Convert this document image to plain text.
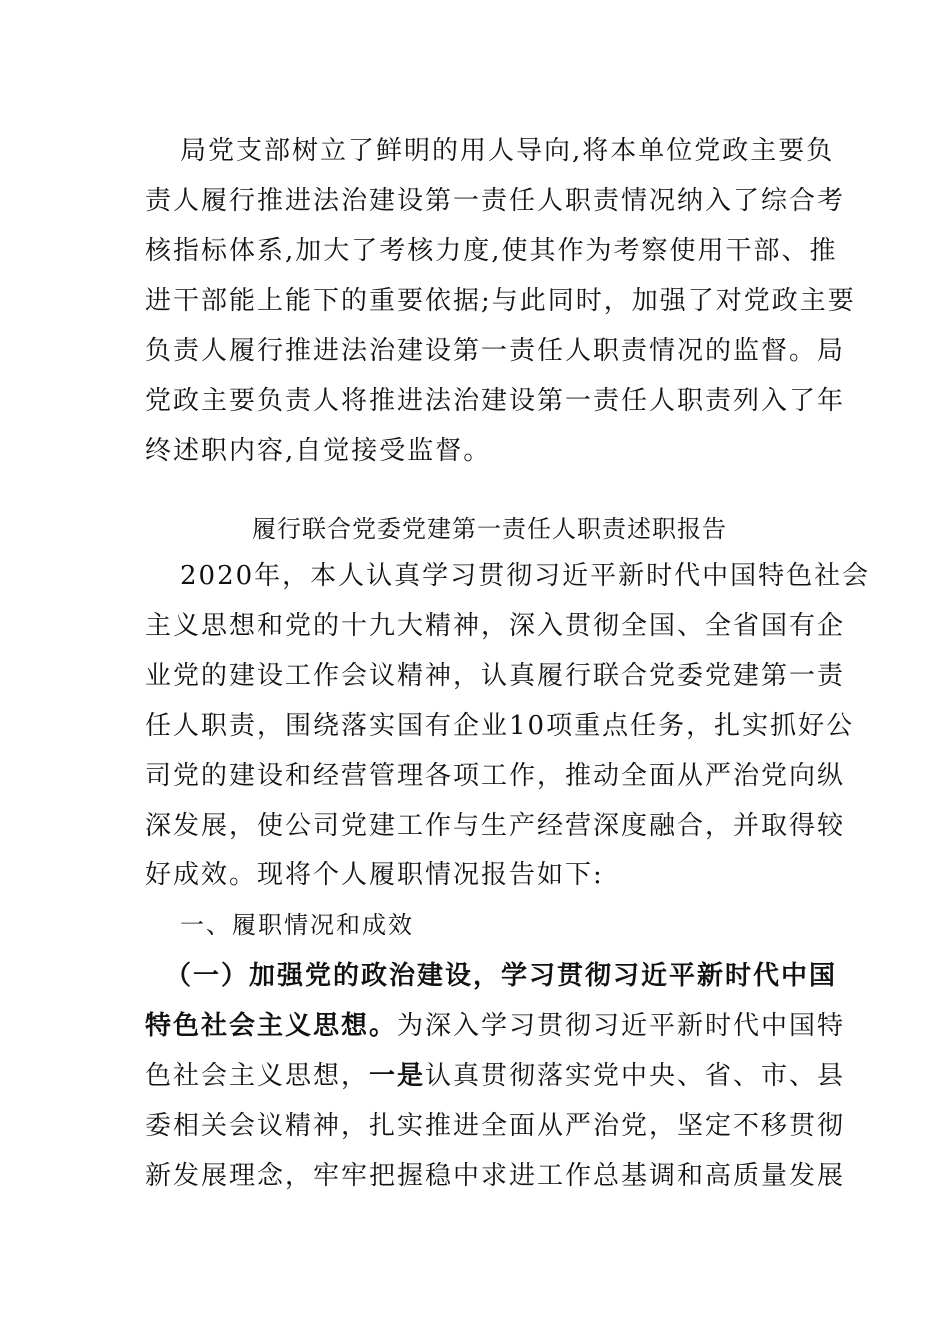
局党支部树立了鲜明的用人导向,将本单位党政主要负
责人履行推进法治建设第一责任人职责情况纳入了综合考
核指标体系,加大了考核力度,使其作为考察使用干部、推
进干部能上能下的重要依据;与此同时，加强了对党政主要
负责人履行推进法治建设第一责任人职责情况的监督。局
党政主要负责人将推进法治建设第一责任人职责列入了年
终述职内容,自觉接受监督。
履行联合党委党建第一责任人职责述职报告
2020年，本人认真学习贯彻习近平新时代中国特色社会
主义思想和党的十九大精神，深入贯彻全国、全省国有企
业党的建设工作会议精神，认真履行联合党委党建第一责
任人职责，围绕落实国有企业10项重点任务，扎实抓好公
司党的建设和经营管理各项工作，推动全面从严治党向纵
深发展，使公司党建工作与生产经营深度融合，并取得较
好成效。现将个人履职情况报告如下:
一、履职情况和成效
（一）加强党的政治建设，学习贯彻习近平新时代中国
特色社会主义思想。为深入学习贯彻习近平新时代中国特
色社会主义思想，一是认真贯彻落实党中央、省、市、县
委相关会议精神，扎实推进全面从严治党，坚定不移贯彻
新发展理念，牢牢把握稳中求进工作总基调和高质量发展
